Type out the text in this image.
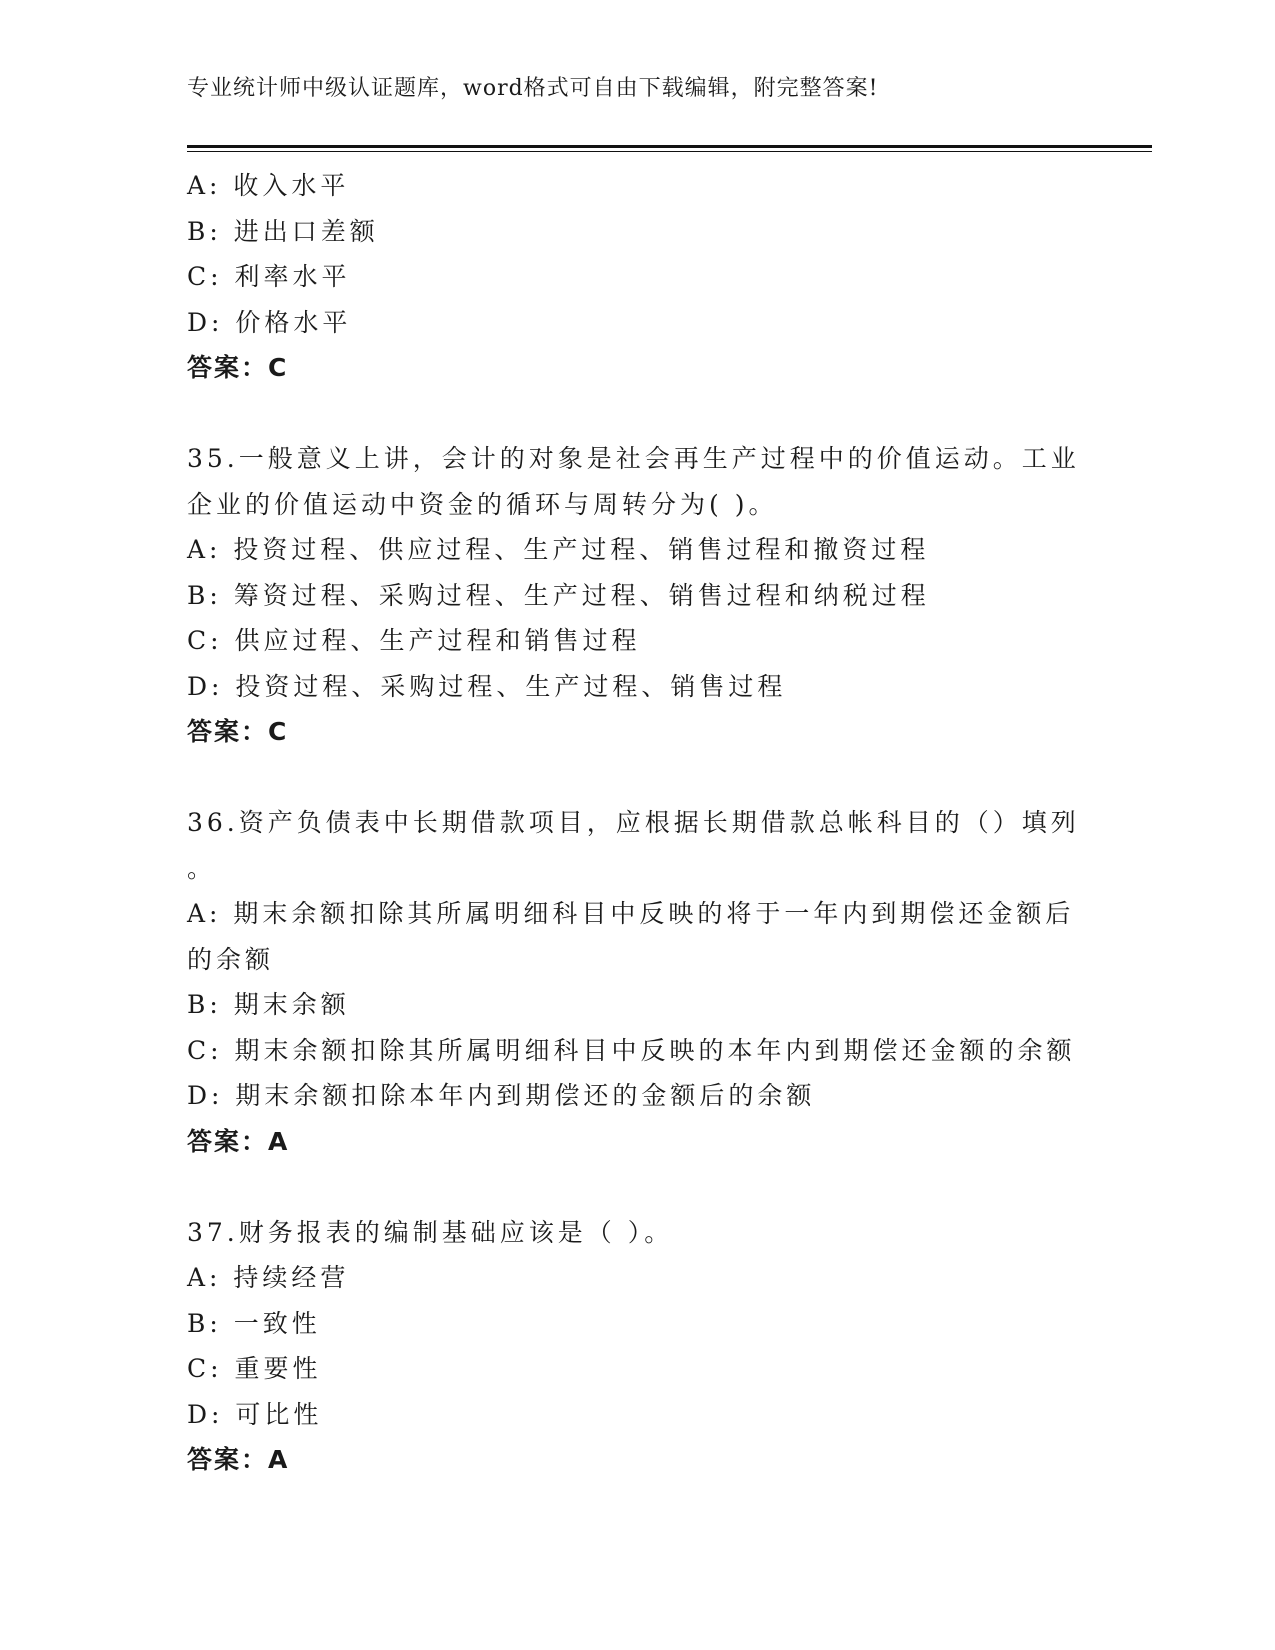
专业统计师中级认证题库，word格式可自由下载编辑，附完整答案!

A: 收入水平

B: 进出口差额

C: 利率水平

D: 价格水平

答案：C

35.一般意义上讲，会计的对象是社会再生产过程中的价值运动。工业

企业的价值运动中资金的循环与周转分为( )。

A: 投资过程、供应过程、生产过程、销售过程和撤资过程

B: 筹资过程、采购过程、生产过程、销售过程和纳税过程

C: 供应过程、生产过程和销售过程

D: 投资过程、采购过程、生产过程、销售过程

答案：C

36.资产负债表中长期借款项目，应根据长期借款总帐科目的（）填列

。

A: 期末余额扣除其所属明细科目中反映的将于一年内到期偿还金额后

的余额

B: 期末余额

C: 期末余额扣除其所属明细科目中反映的本年内到期偿还金额的余额

D: 期末余额扣除本年内到期偿还的金额后的余额

答案：A

37.财务报表的编制基础应该是（ ）。

A: 持续经营

B: 一致性

C: 重要性

D: 可比性

答案：A
